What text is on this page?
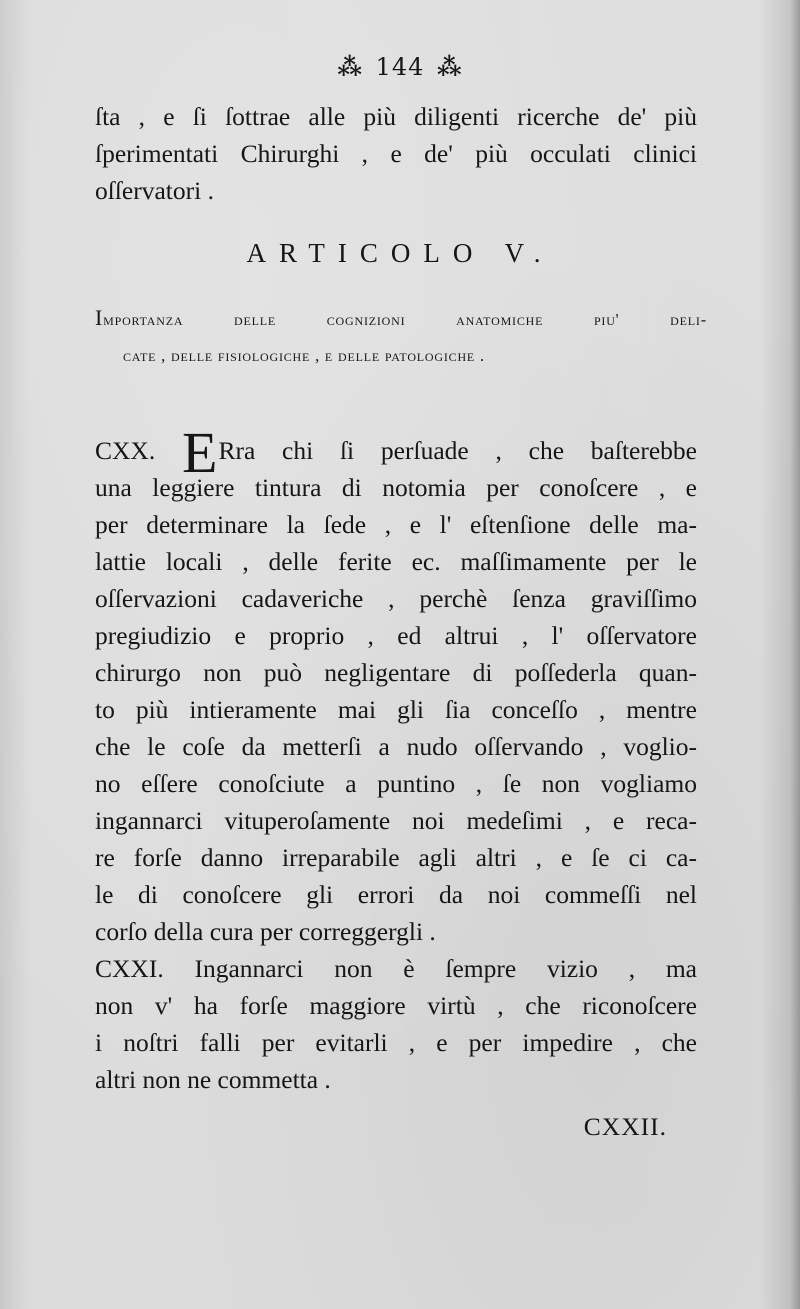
⁂ 144 ⁂
ſta , e ſi ſottrae alle più diligenti ricerche de' più
ſperimentati Chirurghi , e de' più occulati clinici
oſſervatori .
ARTICOLO V.
Importanza delle cognizioni anatomiche piu' deli-
cate , delle fisiologiche , e delle patologiche .
CXX. ERra chi ſi perſuade , che baſterebbe
una leggiere tintura di notomia per conoſcere , e
per determinare la ſede , e l' eſtenſione delle ma-
lattie locali , delle ferite ec. maſſimamente per le
oſſervazioni cadaveriche , perchè ſenza graviſſimo
pregiudizio e proprio , ed altrui , l' oſſervatore
chirurgo non può negligentare di poſſederla quan-
to più intieramente mai gli ſia conceſſo , mentre
che le coſe da metterſi a nudo oſſervando , voglio-
no eſſere conoſciute a puntino , ſe non vogliamo
ingannarci vituperoſamente noi medeſimi , e reca-
re forſe danno irreparabile agli altri , e ſe ci ca-
le di conoſcere gli errori da noi commeſſi nel
corſo della cura per correggergli .
CXXI. Ingannarci non è ſempre vizio , ma
non v' ha forſe maggiore virtù , che riconoſcere
i noſtri falli per evitarli , e per impedire , che
altri non ne commetta .
CXXII.
